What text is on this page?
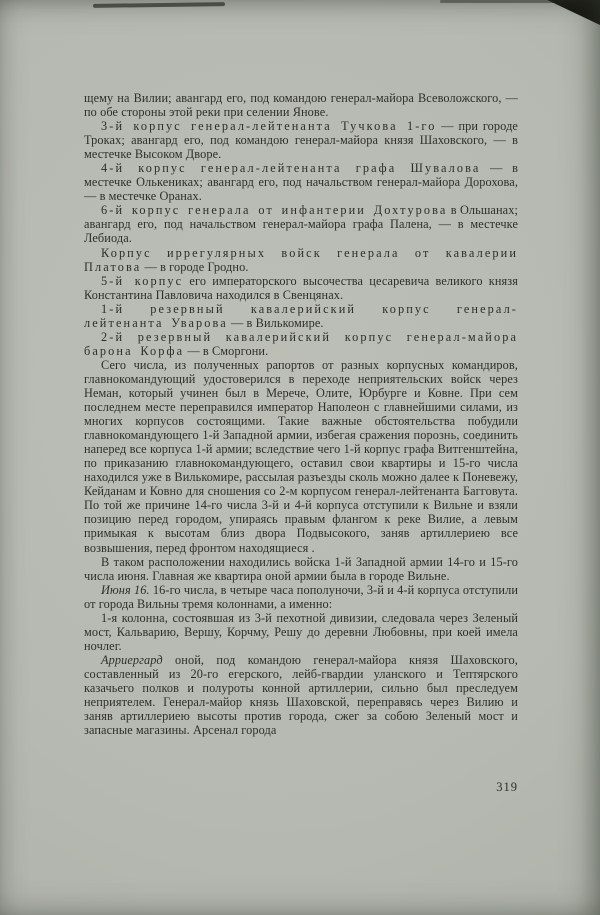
щему на Вилии; авангард его, под командою генерал-майора Всеволожского, — по обе стороны этой реки при селении Янове.

3-й корпус генерал-лейтенанта Тучкова 1-го — при городе Троках; авангард его, под командою генерал-майора князя Шаховского, — в местечке Высоком Дворе.

4-й корпус генерал-лейтенанта графа Шувалова — в местечке Олькениках; авангард его, под начальством генерал-майора Дорохова, — в местечке Оранах.

6-й корпус генерала от инфантерии Дохтурова в Ольшанах; авангард его, под начальством генерал-майора графа Палена, — в местечке Лебиода.

Корпус иррегулярных войск генерала от кавалерии Платова — в городе Гродно.

5-й корпус его императорского высочества цесаревича великого князя Константина Павловича находился в Свенцянах.

1-й резервный кавалерийский корпус генерал-лейтенанта Уварова — в Вилькомире.

2-й резервный кавалерийский корпус генерал-майора барона Корфа — в Сморгони.

Сего числа, из полученных рапортов от разных корпусных командиров, главнокомандующий удостоверился в переходе неприятельских войск через Неман, который учинен был в Мерече, Олите, Юрбурге и Ковне. При сем последнем месте переправился император Наполеон с главнейшими силами, из многих корпусов состоящими. Такие важные обстоятельства побудили главнокомандующего 1-й Западной армии, избегая сражения порознь, соединить наперед все корпуса 1-й армии; вследствие чего 1-й корпус графа Витгенштейна, по приказанию главнокомандующего, оставил свои квартиры и 15-го числа находился уже в Вилькомире, рассылая разъезды сколь можно далее к Поневежу, Кейданам и Ковно для сношения со 2-м корпусом генерал-лейтенанта Багговута. По той же причине 14-го числа 3-й и 4-й корпуса отступили к Вильне и взяли позицию перед городом, упираясь правым флангом к реке Вилие, а левым примыкая к высотам близ двора Подвысокого, заняв артиллериею все возвышения, перед фронтом находящиеся .

В таком расположении находились войска 1-й Западной армии 14-го и 15-го числа июня. Главная же квартира оной армии была в городе Вильне.

Июня 16. 16-го числа, в четыре часа пополуночи, 3-й и 4-й корпуса отступили от города Вильны тремя колоннами, а именно:

1-я колонна, состоявшая из 3-й пехотной дивизии, следовала через Зеленый мост, Кальварию, Вершу, Корчму, Решу до деревни Любовны, при коей имела ночлег.

Арриергард оной, под командою генерал-майора князя Шаховского, составленный из 20-го егерского, лейб-гвардии уланского и Тептярского казачьего полков и полуроты конной артиллерии, сильно был преследуем неприятелем. Генерал-майор князь Шаховской, переправясь через Вилию и заняв артиллериею высоты против города, сжег за собою Зеленый мост и запасные магазины. Арсенал города

319
